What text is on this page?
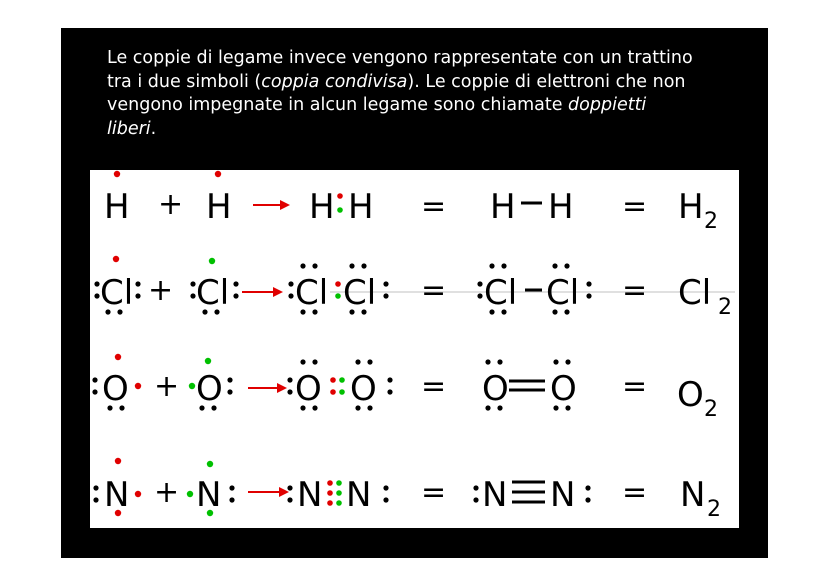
Le coppie di legame invece vengono rappresentate con un trattino
tra i due simboli (coppia condivisa). Le coppie di elettroni che non
vengono impegnate in alcun legame sono chiamate doppietti
liberi.
H + H H H = H H = H 2
Cl + Cl Cl Cl = Cl Cl = Cl 2
O + O O O = O O = O 2
N + N N N = N N = N 2
